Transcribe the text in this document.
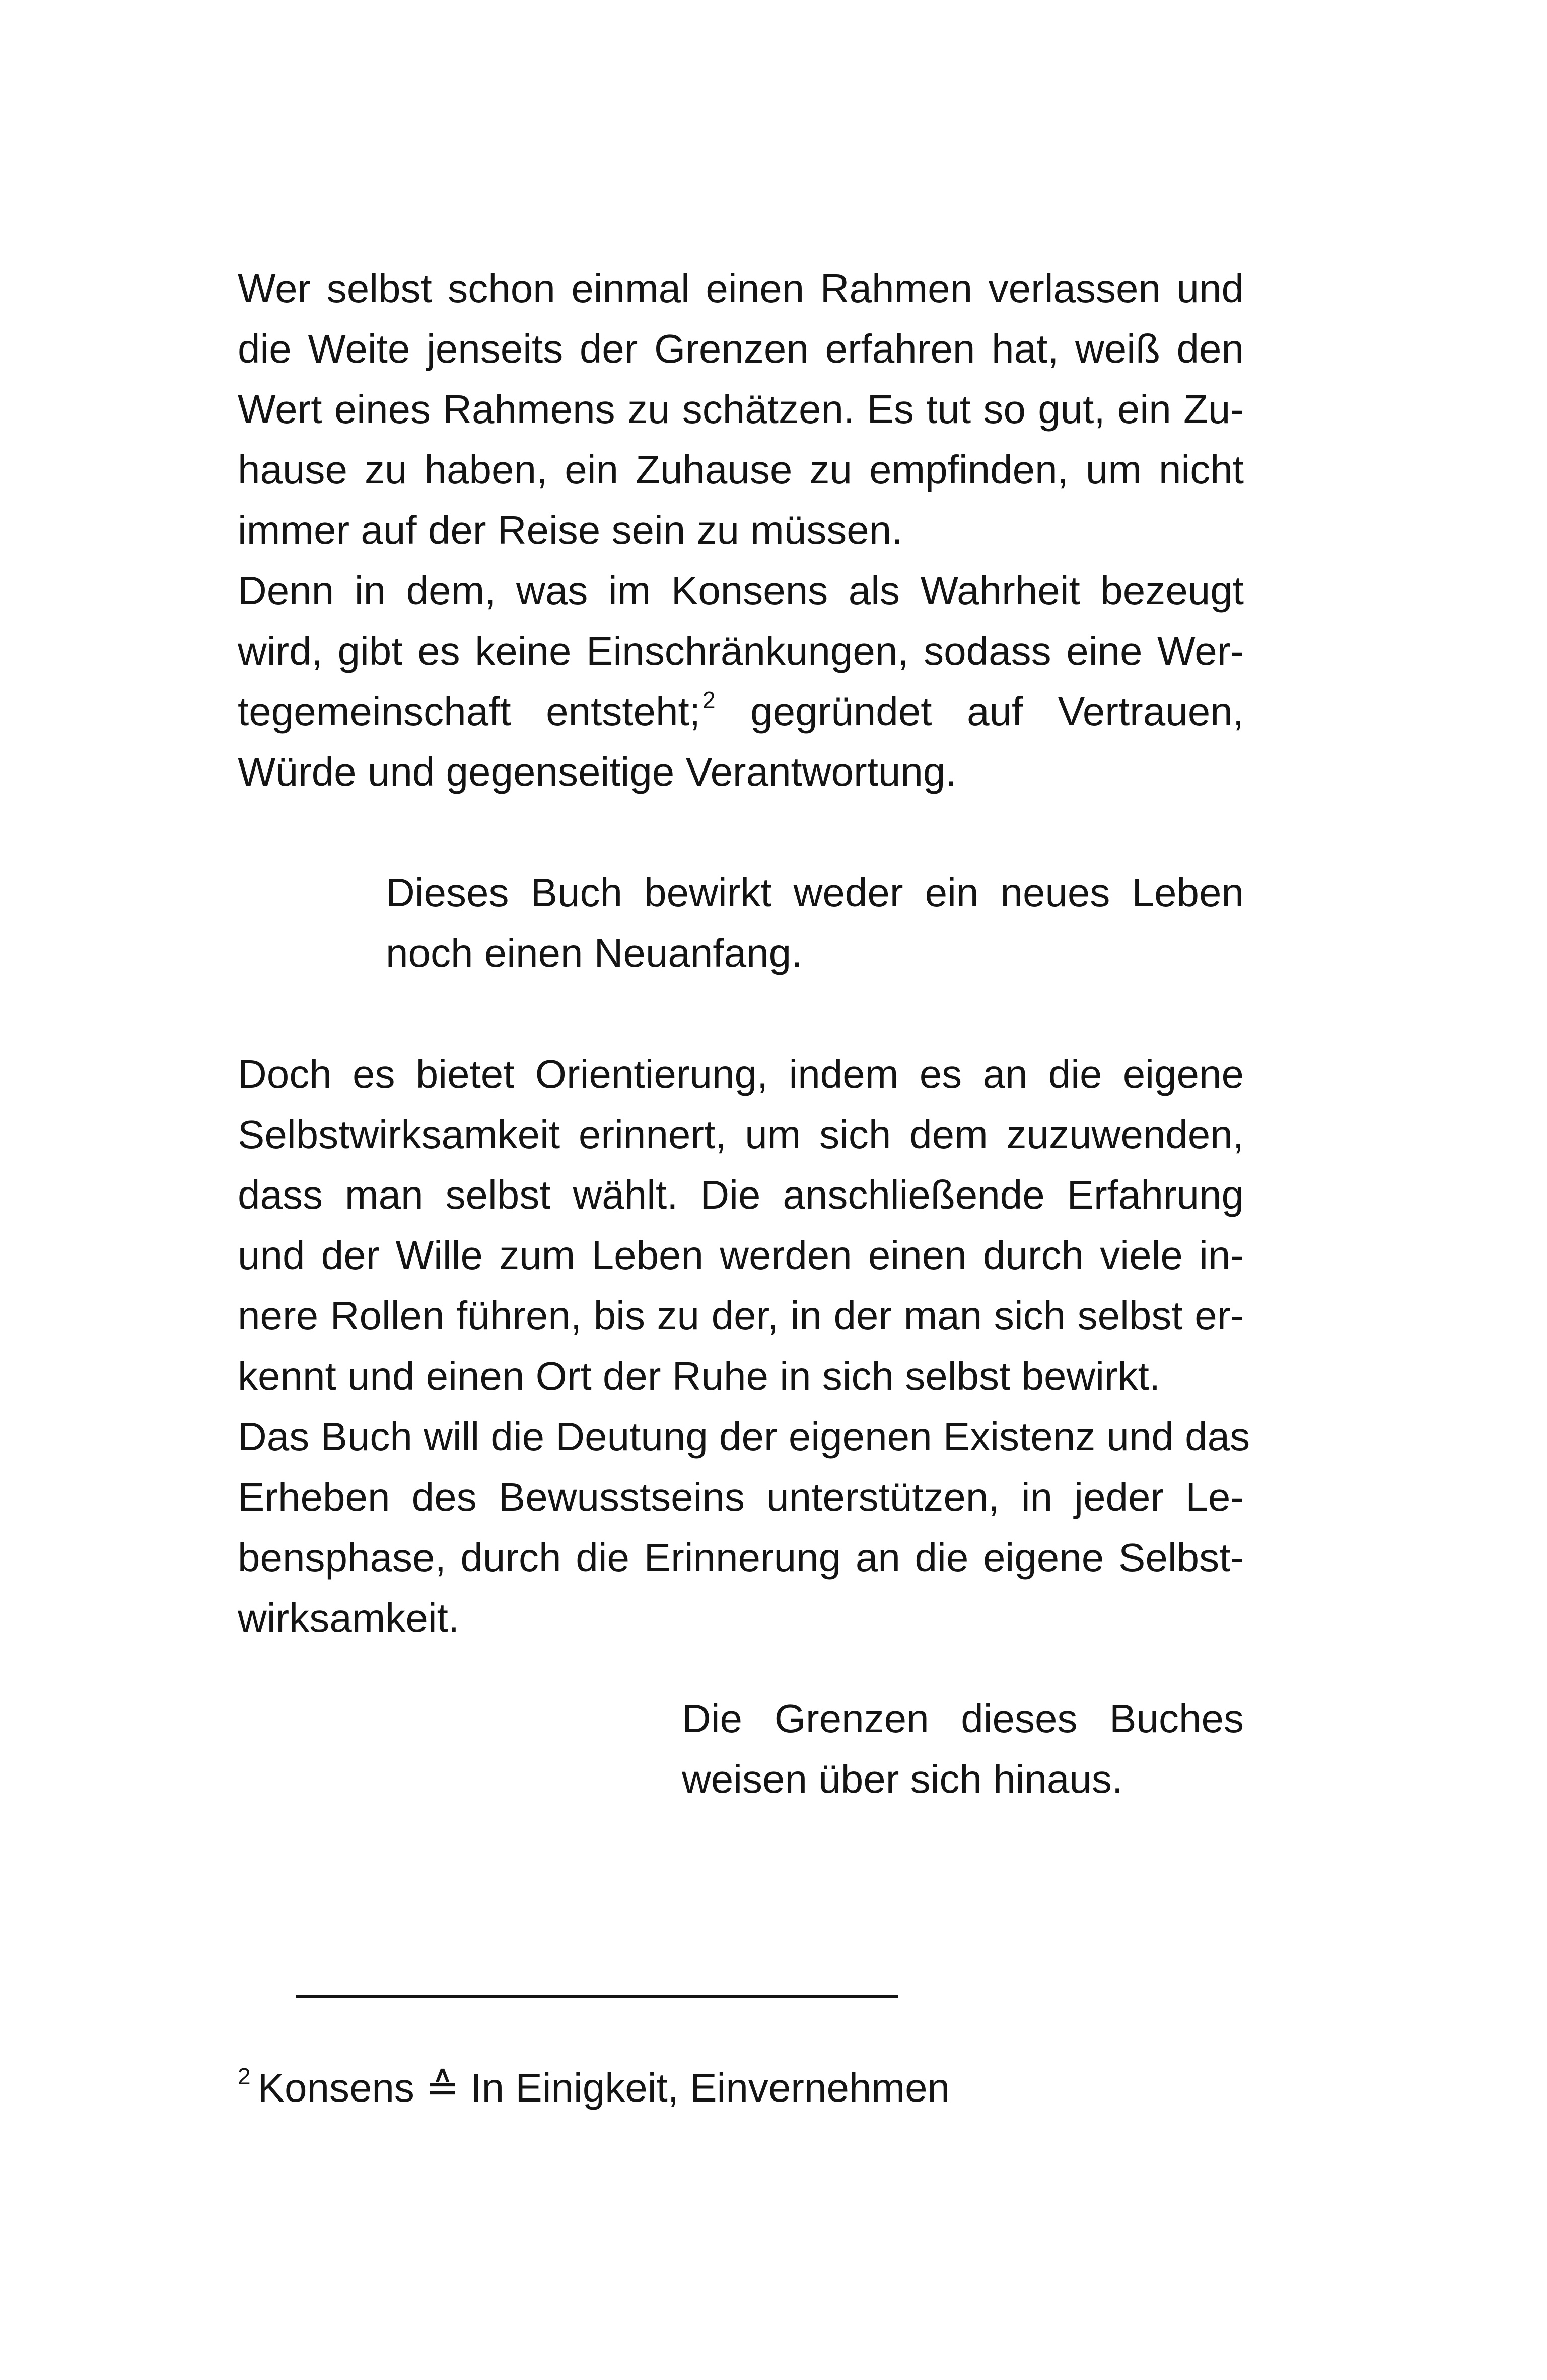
Wer selbst schon einmal einen Rahmen verlassen und

die Weite jenseits der Grenzen erfahren hat, weiß den

Wert eines Rahmens zu schätzen. Es tut so gut, ein Zu-

hause zu haben, ein Zuhause zu empfinden, um nicht

immer auf der Reise sein zu müssen.

Denn in dem, was im Konsens als Wahrheit bezeugt

wird, gibt es keine Einschränkungen, sodass eine Wer-

tegemeinschaft entsteht;$^2$ gegründet auf Vertrauen,

Würde und gegenseitige Verantwortung.

Dieses Buch bewirkt weder ein neues Leben

noch einen Neuanfang.

Doch es bietet Orientierung, indem es an die eigene

Selbstwirksamkeit erinnert, um sich dem zuzuwenden,

dass man selbst wählt. Die anschließende Erfahrung

und der Wille zum Leben werden einen durch viele in-

nere Rollen führen, bis zu der, in der man sich selbst er-

kennt und einen Ort der Ruhe in sich selbst bewirkt.

Das Buch will die Deutung der eigenen Existenz und das

Erheben des Bewusstseins unterstützen, in jeder Le-

bensphase, durch die Erinnerung an die eigene Selbst-

wirksamkeit.

Die Grenzen dieses Buches

weisen über sich hinaus.

$^2$ Konsens ≙ In Einigkeit, Einvernehmen
